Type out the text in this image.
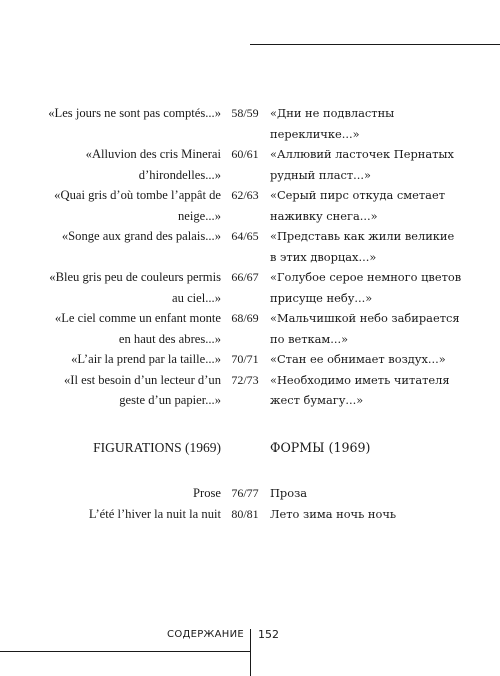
«Les jours ne sont pas comptés...» 58/59 «Дни не подвластны
перекличке...»
«Alluvion des cris Minerai
d’hirondelles...»
60/61 «Аллювий ласточек Пернатых
рудный пласт...»
«Quai gris d’où tombe l’appât de
neige...»
62/63 «Серый пирс откуда сметает
наживку снега...»
«Songe aux grand des palais...» 64/65 «Представь как жили великие
в этих дворцах...»
«Bleu gris peu de couleurs permis
au ciel...»
66/67 «Голубое серое немного цветов
присуще небу...»
«Le ciel comme un enfant monte
en haut des abres...»
68/69 «Мальчишкой небо забирается
по веткам...»
«L’air la prend par la taille...» 70/71 «Стан ее обнимает воздух...»
«Il est besoin d’un lecteur d’un
geste d’un papier...»
72/73 «Необходимо иметь читателя
жест бумагу...»
FIGURATIONS (1969)	ФОРМЫ (1969)
Prose 76/77 Проза
L’été l’hiver la nuit la nuit 80/81 Лето зима ночь ночь
СОДЕРЖАНИЕ 152
